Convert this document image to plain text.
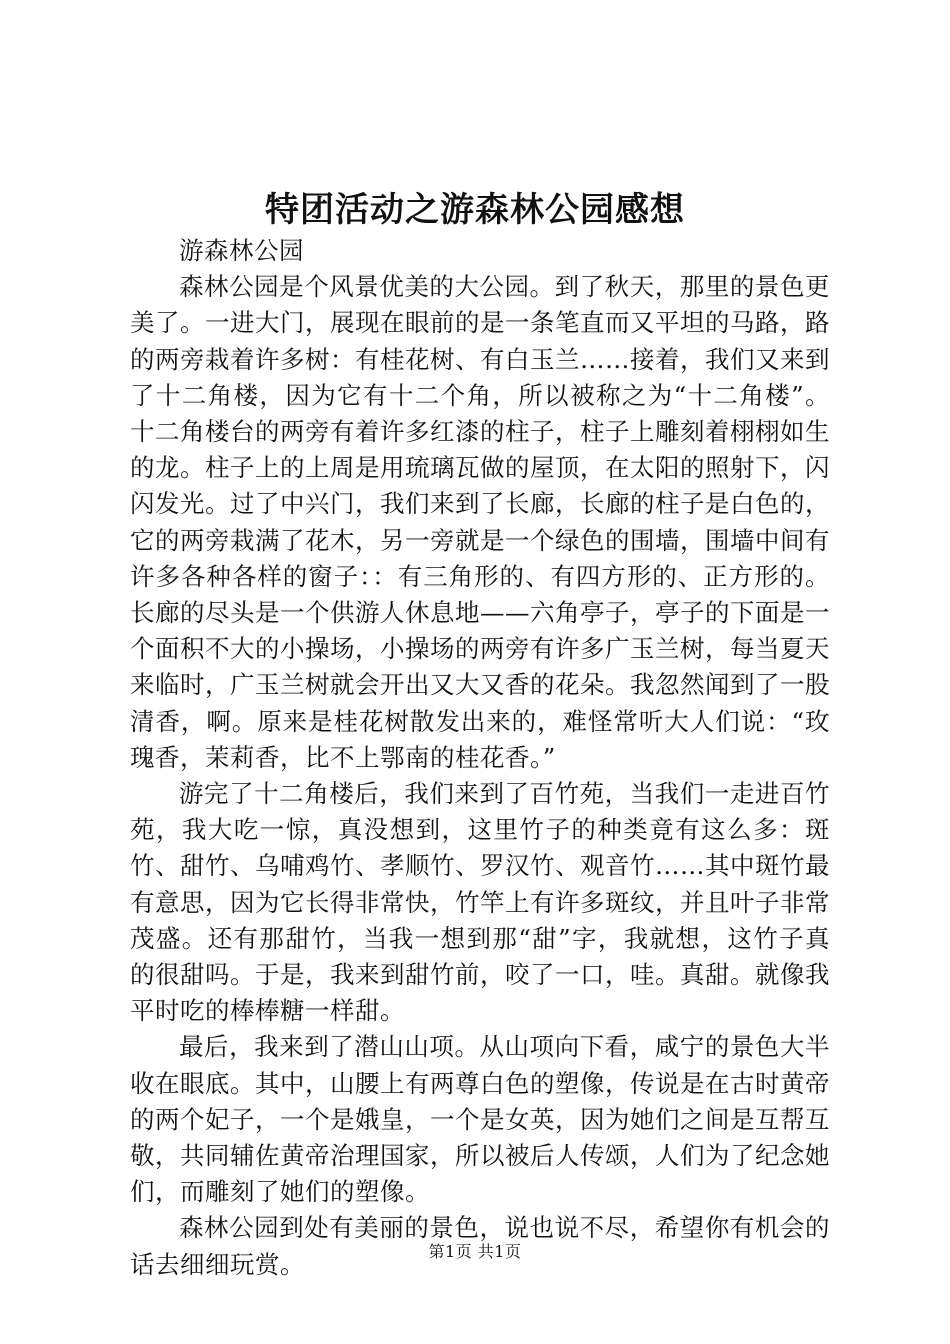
特团活动之游森林公园感想

游森林公园

森林公园是个风景优美的大公园。到了秋天，那里的景色更美了。一进大门，展现在眼前的是一条笔直而又平坦的马路，路的两旁栽着许多树：有桂花树、有白玉兰……接着，我们又来到了十二角楼，因为它有十二个角，所以被称之为“十二角楼”。十二角楼台的两旁有着许多红漆的柱子，柱子上雕刻着栩栩如生的龙。柱子上的上周是用琉璃瓦做的屋顶，在太阳的照射下，闪闪发光。过了中兴门，我们来到了长廊，长廊的柱子是白色的，它的两旁栽满了花木，另一旁就是一个绿色的围墙，围墙中间有许多各种各样的窗子：：有三角形的、有四方形的、正方形的。长廊的尽头是一个供游人休息地——六角亭子，亭子的下面是一个面积不大的小操场，小操场的两旁有许多广玉兰树，每当夏天来临时，广玉兰树就会开出又大又香的花朵。我忽然闻到了一股清香，啊。原来是桂花树散发出来的，难怪常听大人们说：“玫瑰香，茉莉香，比不上鄂南的桂花香。”

游完了十二角楼后，我们来到了百竹苑，当我们一走进百竹苑，我大吃一惊，真没想到，这里竹子的种类竟有这么多：斑竹、甜竹、乌哺鸡竹、孝顺竹、罗汉竹、观音竹……其中斑竹最有意思，因为它长得非常快，竹竿上有许多斑纹，并且叶子非常茂盛。还有那甜竹，当我一想到那“甜”字，我就想，这竹子真的很甜吗。于是，我来到甜竹前，咬了一口，哇。真甜。就像我平时吃的棒棒糖一样甜。

最后，我来到了潜山山项。从山项向下看，咸宁的景色大半收在眼底。其中，山腰上有两尊白色的塑像，传说是在古时黄帝的两个妃子，一个是娥皇，一个是女英，因为她们之间是互帮互敬，共同辅佐黄帝治理国家，所以被后人传颂，人们为了纪念她们，而雕刻了她们的塑像。

森林公园到处有美丽的景色，说也说不尽，希望你有机会的话去细细玩赏。	第1页 共1页
